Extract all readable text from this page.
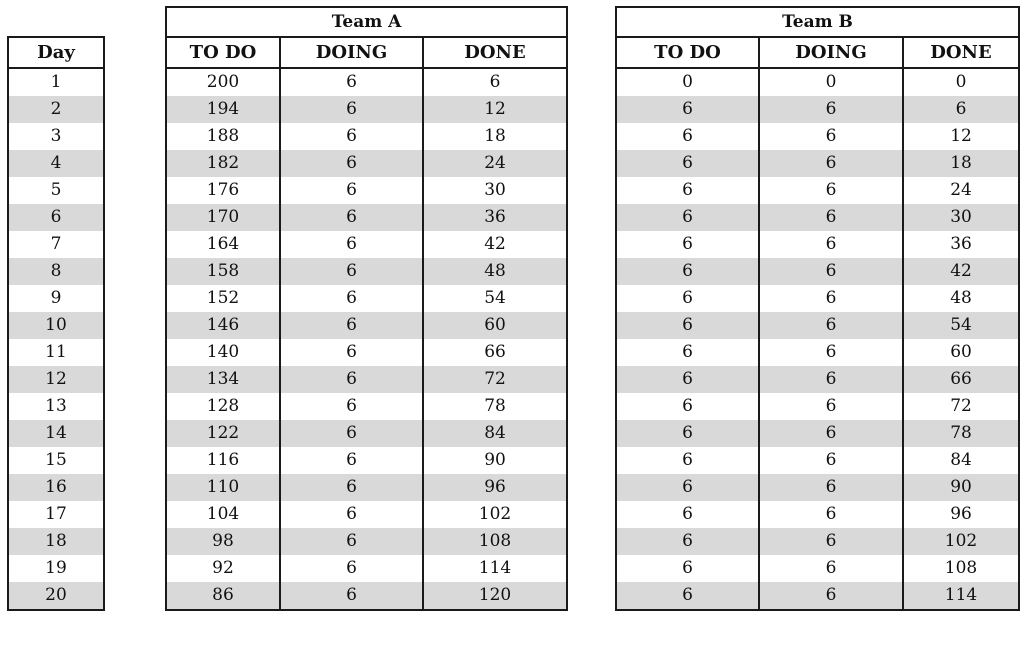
Day
1
2
3
4
5
6
7
8
9
10
11
12
13
14
15
16
17
18
19
20
Team A		
TO DO	DOING	DONE
200	6	6
194	6	12
188	6	18
182	6	24
176	6	30
170	6	36
164	6	42
158	6	48
152	6	54
146	6	60
140	6	66
134	6	72
128	6	78
122	6	84
116	6	90
110	6	96
104	6	102
98	6	108
92	6	114
86	6	120
Team B		
TO DO	DOING	DONE
0	0	0
6	6	6
6	6	12
6	6	18
6	6	24
6	6	30
6	6	36
6	6	42
6	6	48
6	6	54
6	6	60
6	6	66
6	6	72
6	6	78
6	6	84
6	6	90
6	6	96
6	6	102
6	6	108
6	6	114
